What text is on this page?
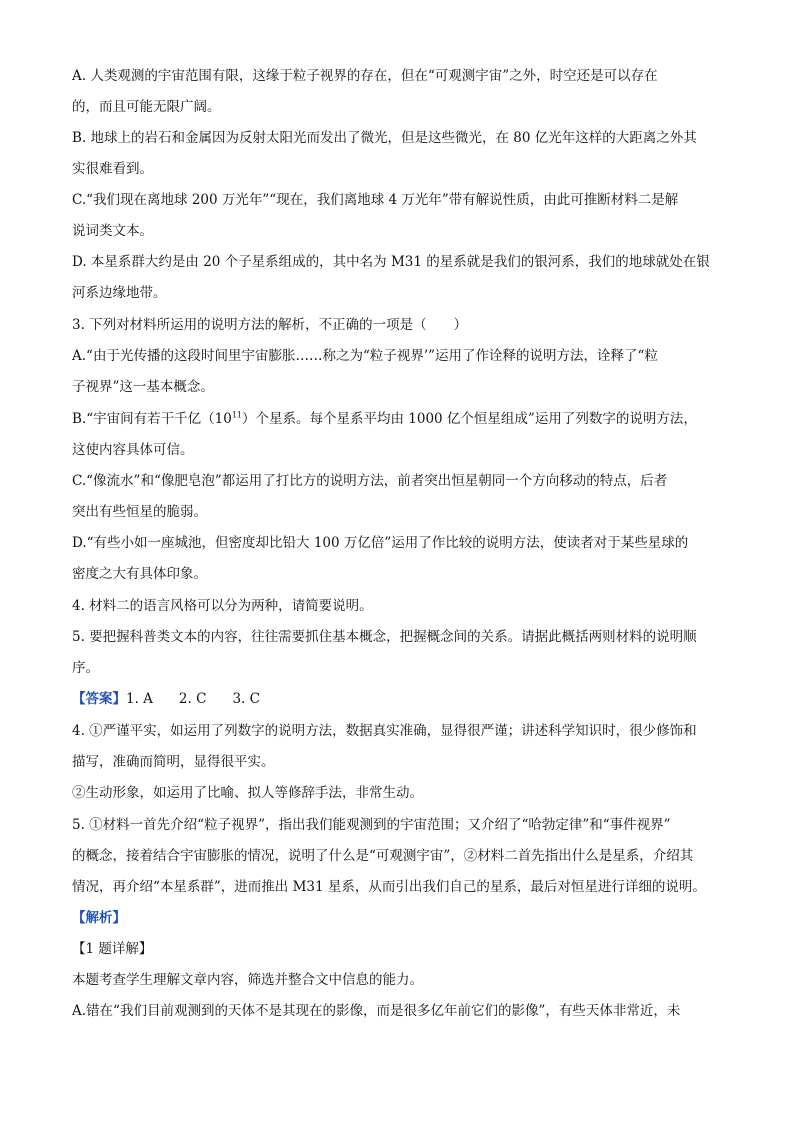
A. 人类观测的宇宙范围有限，这缘于粒子视界的存在，但在“可观测宇宙”之外，时空还是可以存在
的，而且可能无限广阔。
B. 地球上的岩石和金属因为反射太阳光而发出了微光，但是这些微光，在 80 亿光年这样的大距离之外其
实很难看到。
C.“我们现在离地球 200 万光年”“现在，我们离地球 4 万光年”带有解说性质，由此可推断材料二是解
说词类文本。
D. 本星系群大约是由 20 个子星系组成的，其中名为 M31 的星系就是我们的银河系，我们的地球就处在银
河系边缘地带。
3. 下列对材料所运用的说明方法的解析，不正确的一项是（　　）
A.“由于光传播的这段时间里宇宙膨胀……称之为“粒子视界’”运用了作诠释的说明方法，诠释了“粒
子视界”这一基本概念。
B.“宇宙间有若干千亿$(10^{11})$个星系。每个星系平均由 1000 亿个恒星组成”运用了列数字的说明方法，
这使内容具体可信。
C.“像流水”和“像肥皂泡”都运用了打比方的说明方法，前者突出恒星朝同一个方向移动的特点，后者
突出有些恒星的脆弱。
D.“有些小如一座城池，但密度却比铅大 100 万亿倍”运用了作比较的说明方法，使读者对于某些星球的
密度之大有具体印象。
4. 材料二的语言风格可以分为两种，请简要说明。
5. 要把握科普类文本的内容，往往需要抓住基本概念，把握概念间的关系。请据此概括两则材料的说明顺
序。
【答案】1. A 2. C 3. C
4. ①严谨平实，如运用了列数字的说明方法，数据真实准确，显得很严谨；讲述科学知识时，很少修饰和
描写，准确而简明，显得很平实。
②生动形象，如运用了比喻、拟人等修辞手法，非常生动。
5. ①材料一首先介绍“粒子视界”，指出我们能观测到的宇宙范围；又介绍了“哈勃定律”和“事件视界”
的概念，接着结合宇宙膨胀的情况，说明了什么是“可观测宇宙”，②材料二首先指出什么是星系，介绍其
情况，再介绍“本星系群”，进而推出 M31 星系，从而引出我们自己的星系，最后对恒星进行详细的说明。
【解析】
【1 题详解】
本题考查学生理解文章内容，筛选并整合文中信息的能力。
A.错在“我们目前观测到的天体不是其现在的影像，而是很多亿年前它们的影像”，有些天体非常近，未
